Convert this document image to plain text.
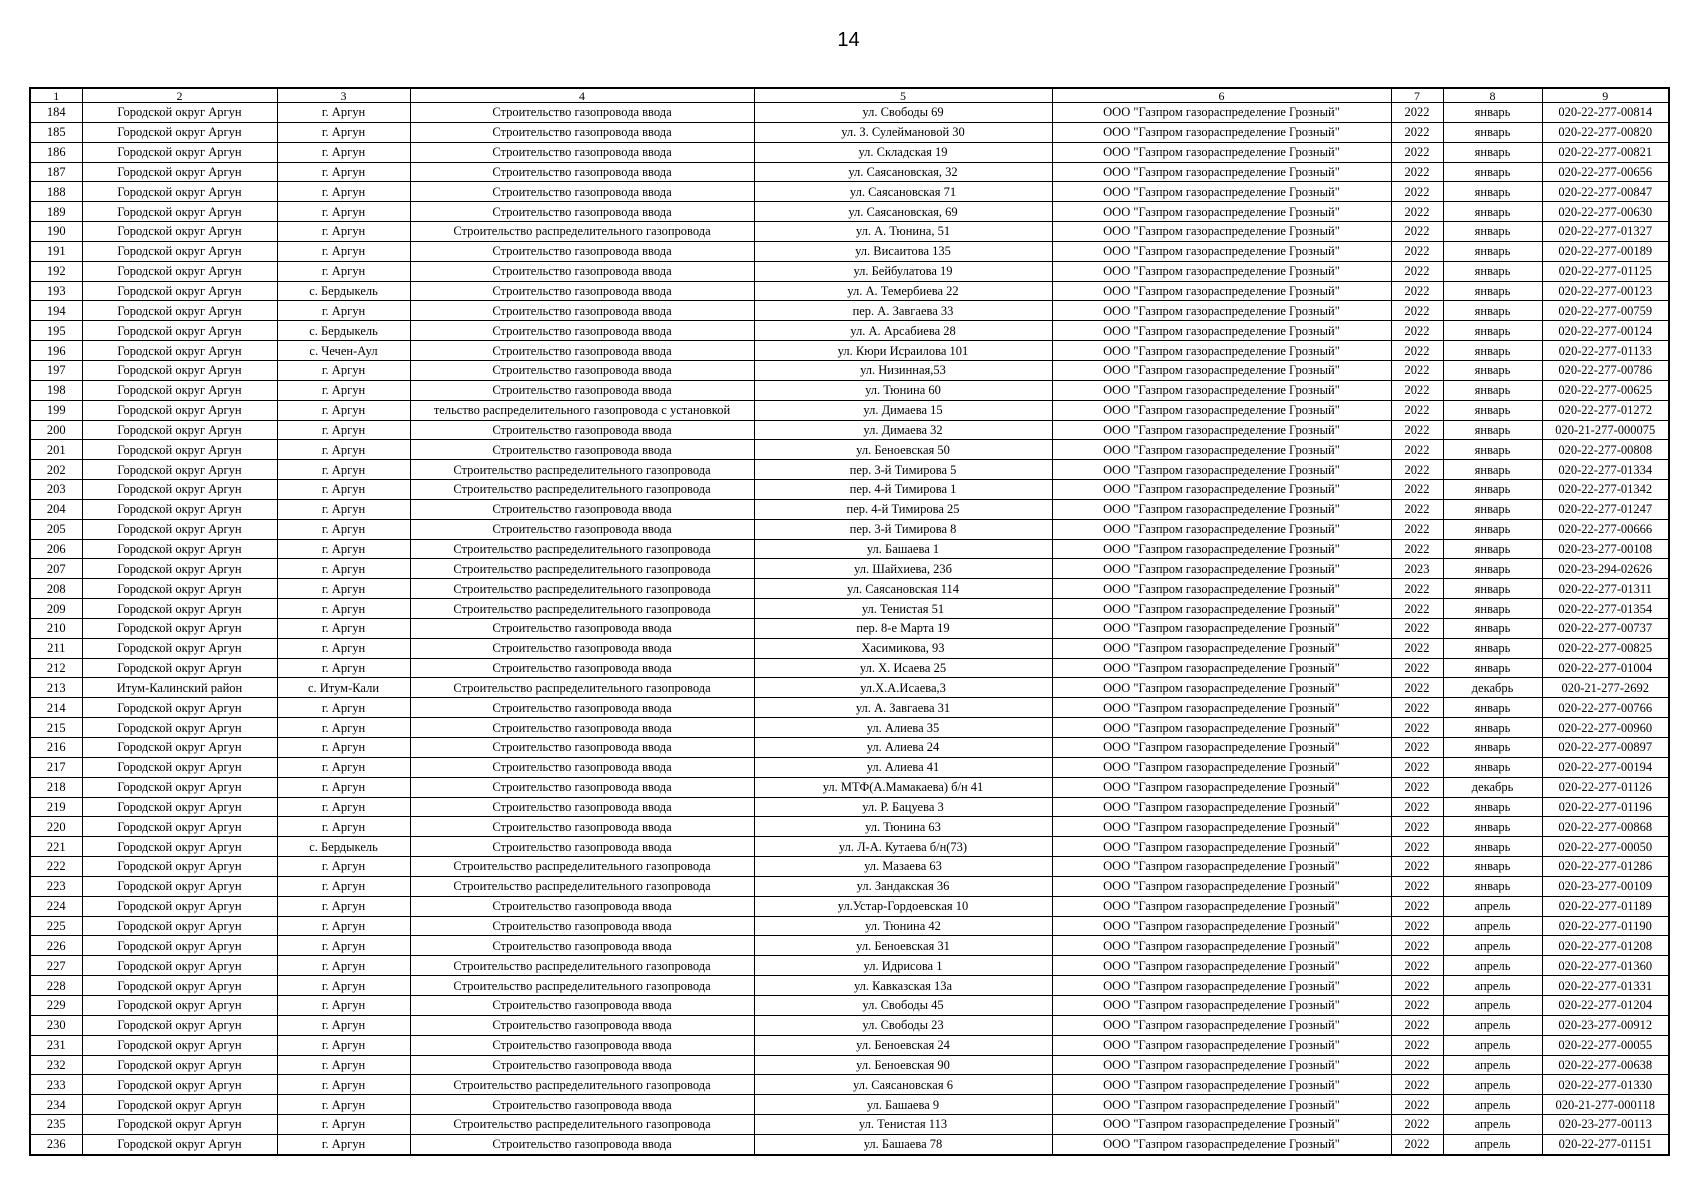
14
1	2	3	4	5	6	7	8	9
184	Городской округ Аргун	г. Аргун	Строительство газопровода ввода	ул. Свободы 69	ООО "Газпром газораспределение Грозный"	2022	январь	020-22-277-00814
185	Городской округ Аргун	г. Аргун	Строительство газопровода ввода	ул. З. Сулеймановой 30	ООО "Газпром газораспределение Грозный"	2022	январь	020-22-277-00820
186	Городской округ Аргун	г. Аргун	Строительство газопровода ввода	ул. Складская 19	ООО "Газпром газораспределение Грозный"	2022	январь	020-22-277-00821
187	Городской округ Аргун	г. Аргун	Строительство газопровода ввода	ул. Саясановская, 32	ООО "Газпром газораспределение Грозный"	2022	январь	020-22-277-00656
188	Городской округ Аргун	г. Аргун	Строительство газопровода ввода	ул. Саясановская 71	ООО "Газпром газораспределение Грозный"	2022	январь	020-22-277-00847
189	Городской округ Аргун	г. Аргун	Строительство газопровода ввода	ул. Саясановская, 69	ООО "Газпром газораспределение Грозный"	2022	январь	020-22-277-00630
190	Городской округ Аргун	г. Аргун	Строительство распределительного газопровода	ул. А. Тюнина, 51	ООО "Газпром газораспределение Грозный"	2022	январь	020-22-277-01327
191	Городской округ Аргун	г. Аргун	Строительство газопровода ввода	ул. Висаитова 135	ООО "Газпром газораспределение Грозный"	2022	январь	020-22-277-00189
192	Городской округ Аргун	г. Аргун	Строительство газопровода ввода	ул. Бейбулатова 19	ООО "Газпром газораспределение Грозный"	2022	январь	020-22-277-01125
193	Городской округ Аргун	с. Бердыкель	Строительство газопровода ввода	ул. А. Темербиева 22	ООО "Газпром газораспределение Грозный"	2022	январь	020-22-277-00123
194	Городской округ Аргун	г. Аргун	Строительство газопровода ввода	пер. А. Завгаева 33	ООО "Газпром газораспределение Грозный"	2022	январь	020-22-277-00759
195	Городской округ Аргун	с. Бердыкель	Строительство газопровода ввода	ул. А. Арсабиева 28	ООО "Газпром газораспределение Грозный"	2022	январь	020-22-277-00124
196	Городской округ Аргун	с. Чечен-Аул	Строительство газопровода ввода	ул. Кюри Исраилова 101	ООО "Газпром газораспределение Грозный"	2022	январь	020-22-277-01133
197	Городской округ Аргун	г. Аргун	Строительство газопровода ввода	ул. Низинная,53	ООО "Газпром газораспределение Грозный"	2022	январь	020-22-277-00786
198	Городской округ Аргун	г. Аргун	Строительство газопровода ввода	ул. Тюнина 60	ООО "Газпром газораспределение Грозный"	2022	январь	020-22-277-00625
199	Городской округ Аргун	г. Аргун	тельство распределительного газопровода с установкой	ул. Димаева 15	ООО "Газпром газораспределение Грозный"	2022	январь	020-22-277-01272
200	Городской округ Аргун	г. Аргун	Строительство газопровода ввода	ул. Димаева 32	ООО "Газпром газораспределение Грозный"	2022	январь	020-21-277-000075
201	Городской округ Аргун	г. Аргун	Строительство газопровода ввода	ул. Беноевская 50	ООО "Газпром газораспределение Грозный"	2022	январь	020-22-277-00808
202	Городской округ Аргун	г. Аргун	Строительство распределительного газопровода	пер. 3-й Тимирова 5	ООО "Газпром газораспределение Грозный"	2022	январь	020-22-277-01334
203	Городской округ Аргун	г. Аргун	Строительство распределительного газопровода	пер. 4-й Тимирова 1	ООО "Газпром газораспределение Грозный"	2022	январь	020-22-277-01342
204	Городской округ Аргун	г. Аргун	Строительство газопровода ввода	пер. 4-й Тимирова 25	ООО "Газпром газораспределение Грозный"	2022	январь	020-22-277-01247
205	Городской округ Аргун	г. Аргун	Строительство газопровода ввода	пер. 3-й Тимирова 8	ООО "Газпром газораспределение Грозный"	2022	январь	020-22-277-00666
206	Городской округ Аргун	г. Аргун	Строительство распределительного газопровода	ул. Башаева 1	ООО "Газпром газораспределение Грозный"	2022	январь	020-23-277-00108
207	Городской округ Аргун	г. Аргун	Строительство распределительного газопровода	ул. Шайхиева, 23б	ООО "Газпром газораспределение Грозный"	2023	январь	020-23-294-02626
208	Городской округ Аргун	г. Аргун	Строительство распределительного газопровода	ул. Саясановская 114	ООО "Газпром газораспределение Грозный"	2022	январь	020-22-277-01311
209	Городской округ Аргун	г. Аргун	Строительство распределительного газопровода	ул. Тенистая 51	ООО "Газпром газораспределение Грозный"	2022	январь	020-22-277-01354
210	Городской округ Аргун	г. Аргун	Строительство газопровода ввода	пер. 8-е Марта 19	ООО "Газпром газораспределение Грозный"	2022	январь	020-22-277-00737
211	Городской округ Аргун	г. Аргун	Строительство газопровода ввода	Хасимикова, 93	ООО "Газпром газораспределение Грозный"	2022	январь	020-22-277-00825
212	Городской округ Аргун	г. Аргун	Строительство газопровода ввода	ул. Х. Исаева 25	ООО "Газпром газораспределение Грозный"	2022	январь	020-22-277-01004
213	Итум-Калинский район	с. Итум-Кали	Строительство распределительного газопровода	ул.Х.А.Исаева,3	ООО "Газпром газораспределение Грозный"	2022	декабрь	020-21-277-2692
214	Городской округ Аргун	г. Аргун	Строительство газопровода ввода	ул. А. Завгаева 31	ООО "Газпром газораспределение Грозный"	2022	январь	020-22-277-00766
215	Городской округ Аргун	г. Аргун	Строительство газопровода ввода	ул. Алиева 35	ООО "Газпром газораспределение Грозный"	2022	январь	020-22-277-00960
216	Городской округ Аргун	г. Аргун	Строительство газопровода ввода	ул. Алиева 24	ООО "Газпром газораспределение Грозный"	2022	январь	020-22-277-00897
217	Городской округ Аргун	г. Аргун	Строительство газопровода ввода	ул. Алиева 41	ООО "Газпром газораспределение Грозный"	2022	январь	020-22-277-00194
218	Городской округ Аргун	г. Аргун	Строительство газопровода ввода	ул. МТФ(А.Мамакаева) б/н 41	ООО "Газпром газораспределение Грозный"	2022	декабрь	020-22-277-01126
219	Городской округ Аргун	г. Аргун	Строительство газопровода ввода	ул. Р. Бацуева 3	ООО "Газпром газораспределение Грозный"	2022	январь	020-22-277-01196
220	Городской округ Аргун	г. Аргун	Строительство газопровода ввода	ул. Тюнина 63	ООО "Газпром газораспределение Грозный"	2022	январь	020-22-277-00868
221	Городской округ Аргун	с. Бердыкель	Строительство газопровода ввода	ул. Л-А. Кутаева б/н(73)	ООО "Газпром газораспределение Грозный"	2022	январь	020-22-277-00050
222	Городской округ Аргун	г. Аргун	Строительство распределительного газопровода	ул. Мазаева 63	ООО "Газпром газораспределение Грозный"	2022	январь	020-22-277-01286
223	Городской округ Аргун	г. Аргун	Строительство распределительного газопровода	ул. Зандакская 36	ООО "Газпром газораспределение Грозный"	2022	январь	020-23-277-00109
224	Городской округ Аргун	г. Аргун	Строительство газопровода ввода	ул.Устар-Гордоевская 10	ООО "Газпром газораспределение Грозный"	2022	апрель	020-22-277-01189
225	Городской округ Аргун	г. Аргун	Строительство газопровода ввода	ул. Тюнина 42	ООО "Газпром газораспределение Грозный"	2022	апрель	020-22-277-01190
226	Городской округ Аргун	г. Аргун	Строительство газопровода ввода	ул. Беноевская 31	ООО "Газпром газораспределение Грозный"	2022	апрель	020-22-277-01208
227	Городской округ Аргун	г. Аргун	Строительство распределительного газопровода	ул. Идрисова 1	ООО "Газпром газораспределение Грозный"	2022	апрель	020-22-277-01360
228	Городской округ Аргун	г. Аргун	Строительство распределительного газопровода	ул. Кавказская 13а	ООО "Газпром газораспределение Грозный"	2022	апрель	020-22-277-01331
229	Городской округ Аргун	г. Аргун	Строительство газопровода ввода	ул. Свободы 45	ООО "Газпром газораспределение Грозный"	2022	апрель	020-22-277-01204
230	Городской округ Аргун	г. Аргун	Строительство газопровода ввода	ул. Свободы 23	ООО "Газпром газораспределение Грозный"	2022	апрель	020-23-277-00912
231	Городской округ Аргун	г. Аргун	Строительство газопровода ввода	ул. Беноевская 24	ООО "Газпром газораспределение Грозный"	2022	апрель	020-22-277-00055
232	Городской округ Аргун	г. Аргун	Строительство газопровода ввода	ул. Беноевская 90	ООО "Газпром газораспределение Грозный"	2022	апрель	020-22-277-00638
233	Городской округ Аргун	г. Аргун	Строительство распределительного газопровода	ул. Саясановская 6	ООО "Газпром газораспределение Грозный"	2022	апрель	020-22-277-01330
234	Городской округ Аргун	г. Аргун	Строительство газопровода ввода	ул. Башаева 9	ООО "Газпром газораспределение Грозный"	2022	апрель	020-21-277-000118
235	Городской округ Аргун	г. Аргун	Строительство распределительного газопровода	ул. Тенистая 113	ООО "Газпром газораспределение Грозный"	2022	апрель	020-23-277-00113
236	Городской округ Аргун	г. Аргун	Строительство газопровода ввода	ул. Башаева 78	ООО "Газпром газораспределение Грозный"	2022	апрель	020-22-277-01151
